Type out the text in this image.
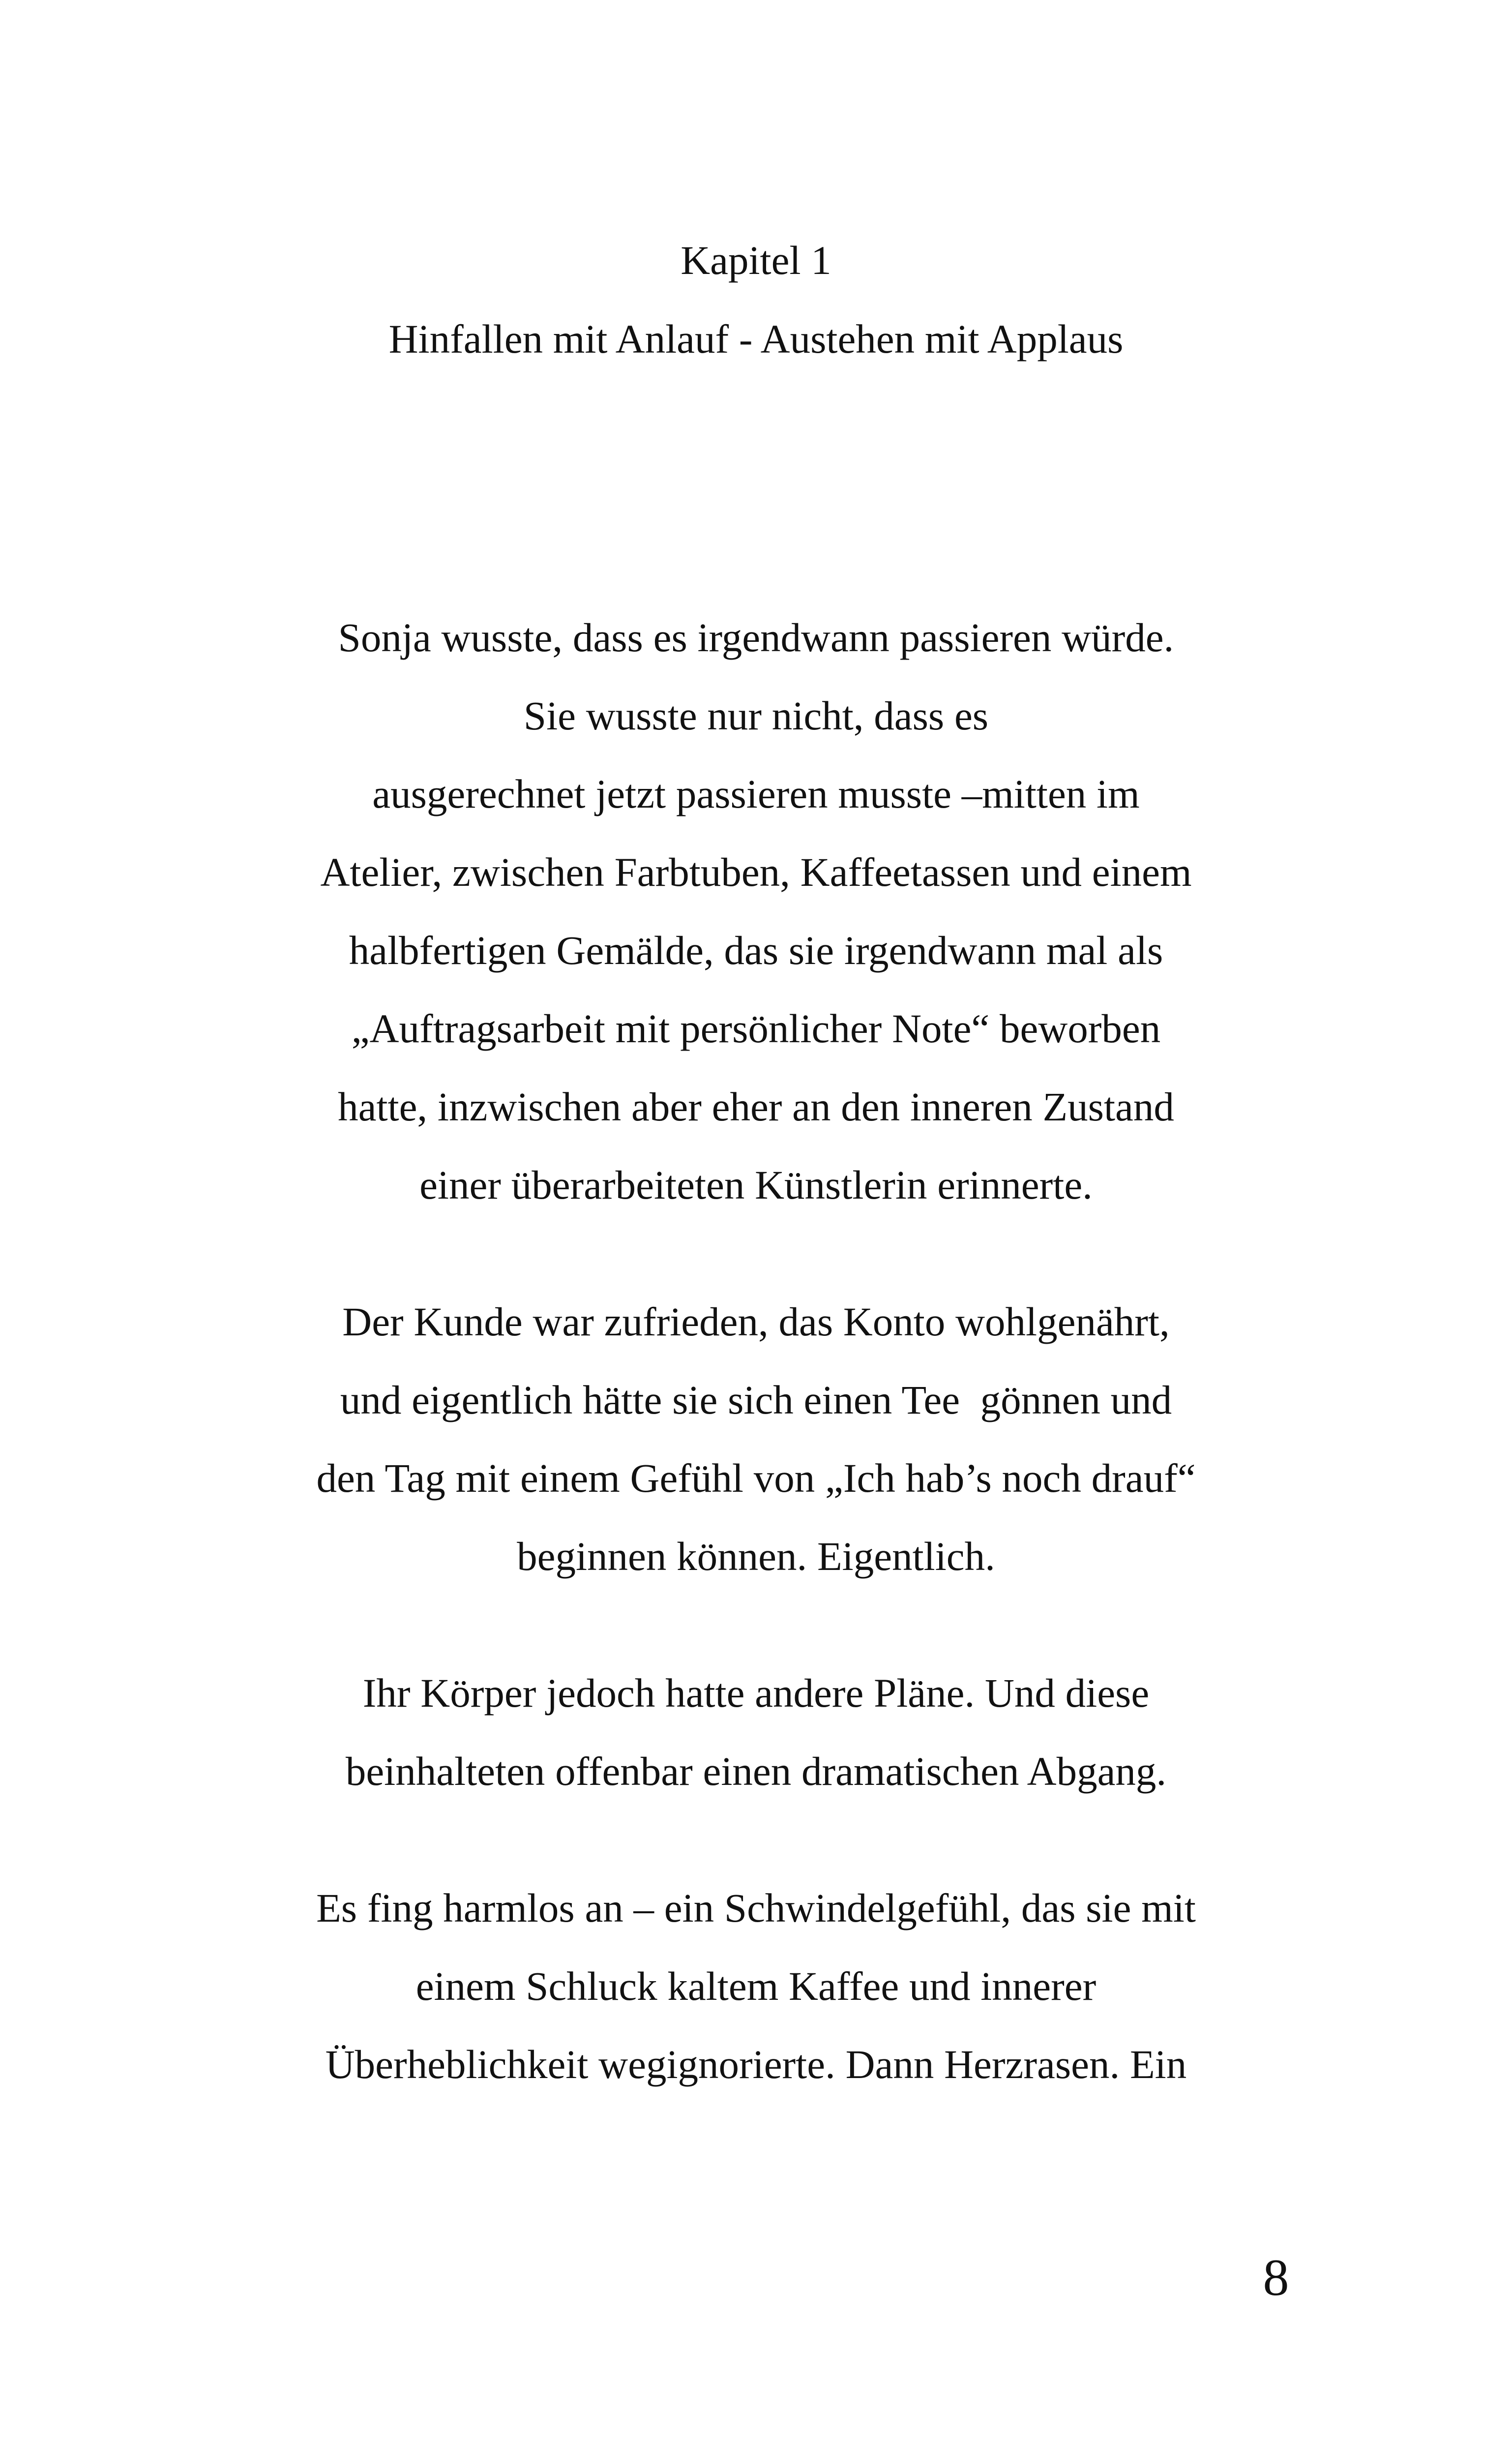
Kapitel 1
Hinfallen mit Anlauf - Austehen mit Applaus
Sonja wusste, dass es irgendwann passieren würde.
Sie wusste nur nicht, dass es
ausgerechnet jetzt passieren musste –mitten im
Atelier, zwischen Farbtuben, Kaffeetassen und einem
halbfertigen Gemälde, das sie irgendwann mal als
„Auftragsarbeit mit persönlicher Note“ beworben
hatte, inzwischen aber eher an den inneren Zustand
einer überarbeiteten Künstlerin erinnerte.
Der Kunde war zufrieden, das Konto wohlgenährt,
und eigentlich hätte sie sich einen Tee  gönnen und
den Tag mit einem Gefühl von „Ich hab’s noch drauf“
beginnen können. Eigentlich.
Ihr Körper jedoch hatte andere Pläne. Und diese
beinhalteten offenbar einen dramatischen Abgang.
Es fing harmlos an – ein Schwindelgefühl, das sie mit
einem Schluck kaltem Kaffee und innerer
Überheblichkeit wegignorierte. Dann Herzrasen. Ein
8
